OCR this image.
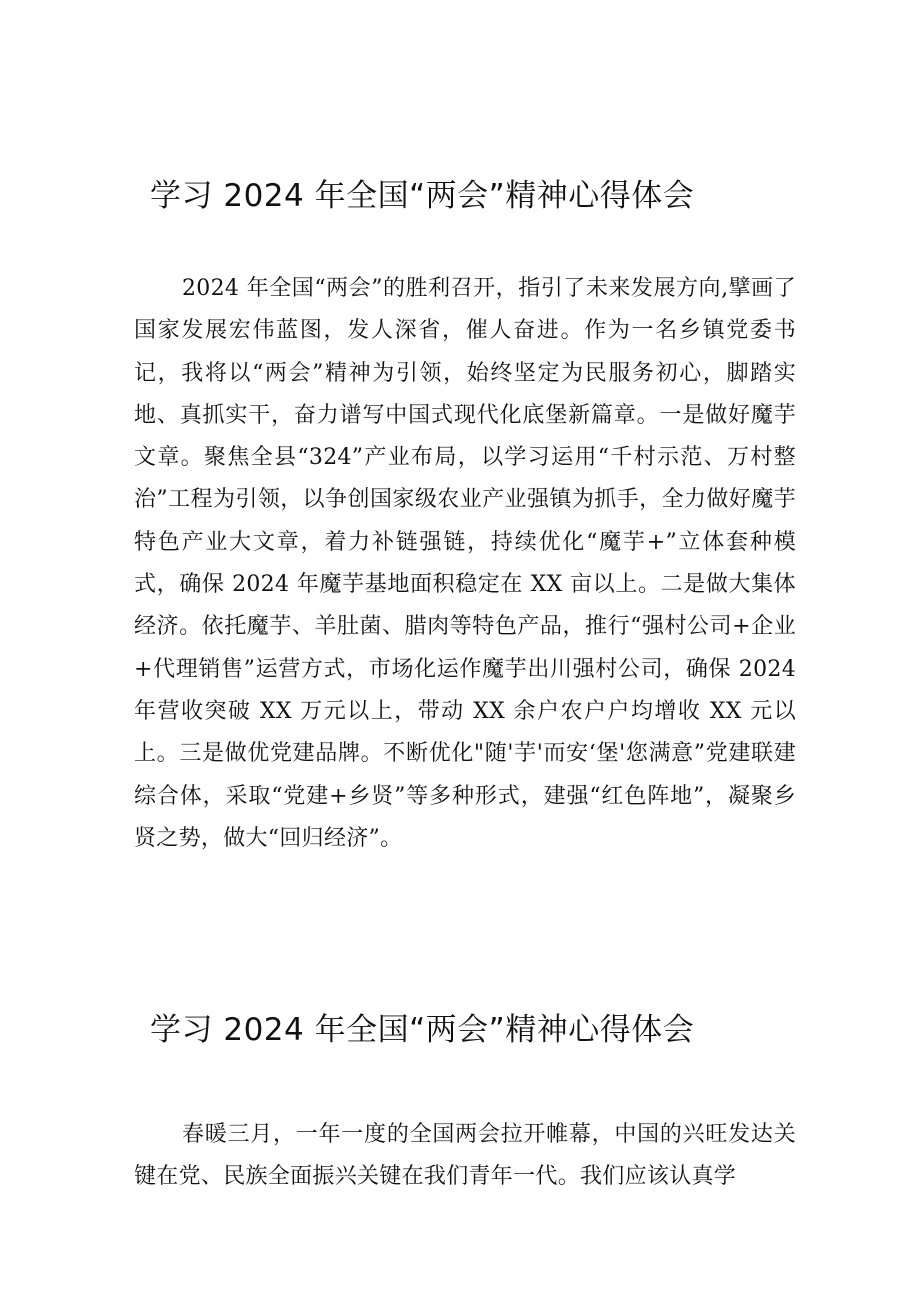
学习 2024 年全国“两会”精神心得体会

2024 年全国“两会”的胜利召开，指引了未来发展方向,擘画了国家发展宏伟蓝图，发人深省，催人奋进。作为一名乡镇党委书记，我将以“两会”精神为引领，始终坚定为民服务初心，脚踏实地、真抓实干，奋力谱写中国式现代化底堡新篇章。一是做好魔芋文章。聚焦全县“324”产业布局，以学习运用“千村示范、万村整治”工程为引领，以争创国家级农业产业强镇为抓手，全力做好魔芋特色产业大文章，着力补链强链，持续优化“魔芋+”立体套种模式，确保 2024 年魔芋基地面积稳定在 XX 亩以上。二是做大集体经济。依托魔芋、羊肚菌、腊肉等特色产品，推行“强村公司+企业+代理销售”运营方式，市场化运作魔芋出川强村公司，确保 2024 年营收突破 XX 万元以上，带动 XX 余户农户户均增收 XX 元以上。三是做优党建品牌。不断优化"随'芋'而安‘堡'您满意”党建联建综合体，采取“党建+乡贤”等多种形式，建强“红色阵地”，凝聚乡贤之势，做大“回归经济”。

学习 2024 年全国“两会”精神心得体会

春暖三月，一年一度的全国两会拉开帷幕，中国的兴旺发达关键在党、民族全面振兴关键在我们青年一代。我们应该认真学
